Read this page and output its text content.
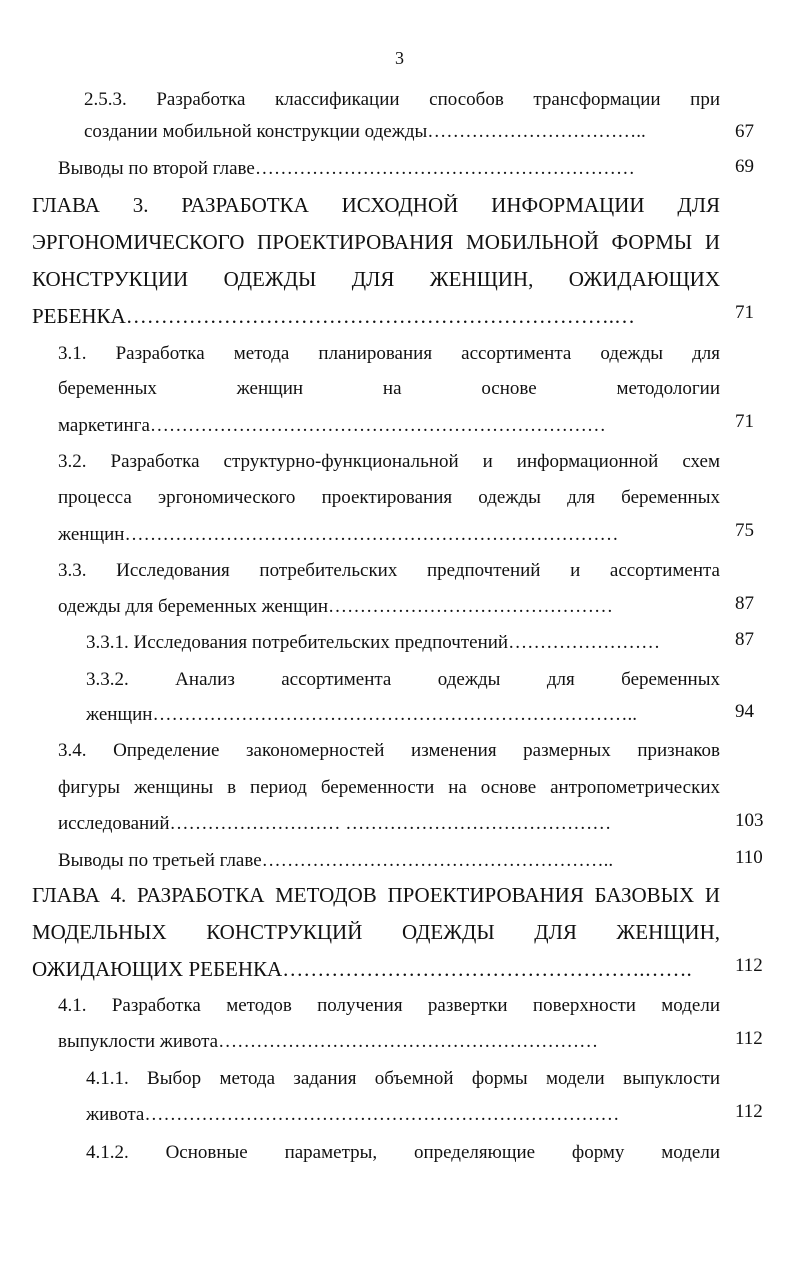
3
2.5.3. Разработка классификации способов трансформации при
создании мобильной конструкции одежды……………………………..	67
Выводы по второй главе……………………………………………………	69
ГЛАВА 3. РАЗРАБОТКА ИСХОДНОЙ ИНФОРМАЦИИ ДЛЯ
ЭРГОНОМИЧЕСКОГО ПРОЕКТИРОВАНИЯ МОБИЛЬНОЙ ФОРМЫ И
КОНСТРУКЦИИ ОДЕЖДЫ ДЛЯ ЖЕНЩИН, ОЖИДАЮЩИХ
РЕБЕНКА…………………………………………………………….…	71
3.1. Разработка метода планирования ассортимента одежды для
беременных женщин на основе методологии
маркетинга………………………………………………………………	71
3.2. Разработка структурно-функциональной и информационной схем
процесса эргономического проектирования одежды для беременных
женщин……………………………………………………………………	75
3.3. Исследования потребительских предпочтений и ассортимента
одежды для беременных женщин………………………………………	87
3.3.1. Исследования потребительских предпочтений……………………	87
3.3.2. Анализ ассортимента одежды для беременных
женщин…………………………………………………………………..	94
3.4. Определение закономерностей изменения размерных признаков
фигуры женщины в период беременности на основе антропометрических
исследований……………………… ……………………………………	103
Выводы по третьей главе………………………………………………..	110
ГЛАВА 4. РАЗРАБОТКА МЕТОДОВ ПРОЕКТИРОВАНИЯ БАЗОВЫХ И
МОДЕЛЬНЫХ КОНСТРУКЦИЙ ОДЕЖДЫ ДЛЯ ЖЕНЩИН,
ОЖИДАЮЩИХ РЕБЕНКА…………………………………………….…….	112
4.1. Разработка методов получения развертки поверхности модели
выпуклости живота……………………………………………………	112
4.1.1. Выбор метода задания объемной формы модели выпуклости
живота…………………………………………………………………	112
4.1.2. Основные параметры, определяющие форму модели
